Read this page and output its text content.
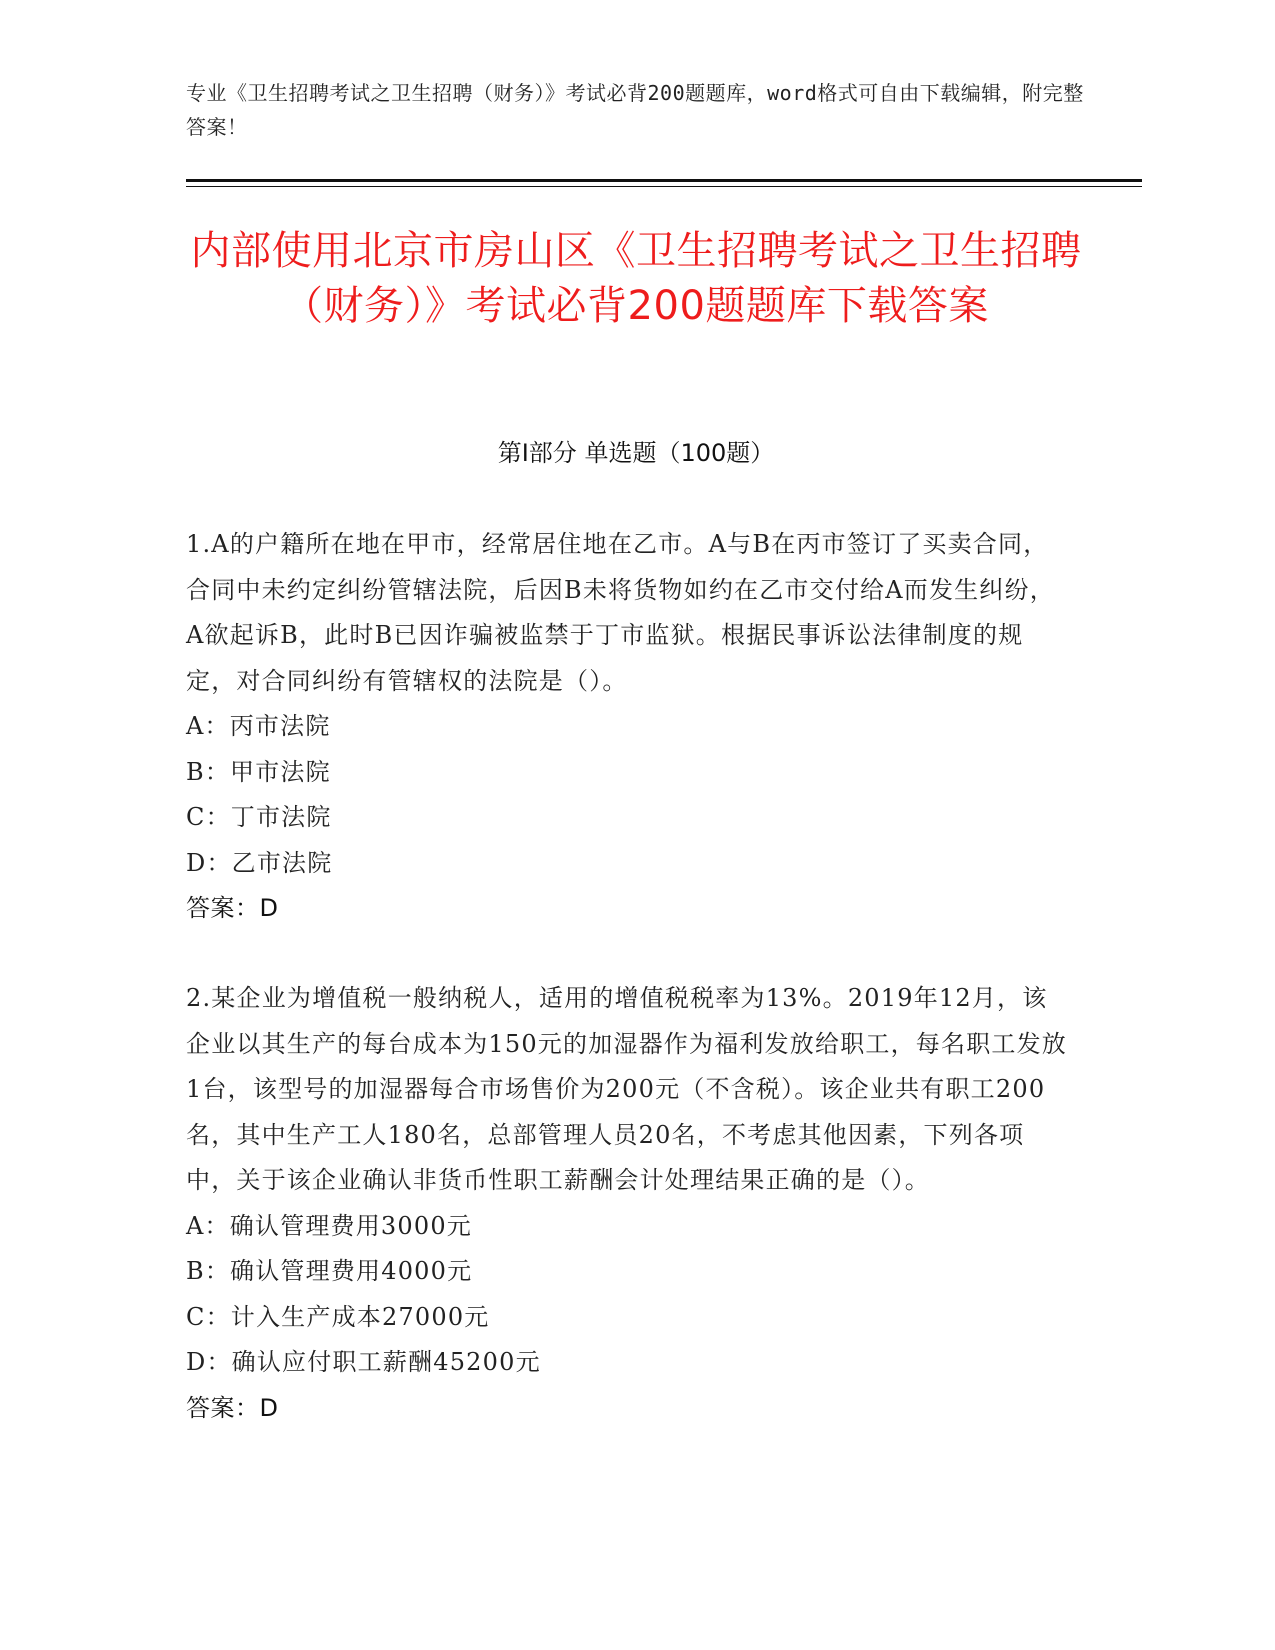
专业《卫生招聘考试之卫生招聘（财务）》考试必背200题题库，word格式可自由下载编辑，附完整答案！
内部使用北京市房山区《卫生招聘考试之卫生招聘（财务）》考试必背200题题库下载答案
第I部分 单选题（100题）

1.A的户籍所在地在甲市，经常居住地在乙市。A与B在丙市签订了买卖合同，合同中未约定纠纷管辖法院，后因B未将货物如约在乙市交付给A而发生纠纷，A欲起诉B，此时B已因诈骗被监禁于丁市监狱。根据民事诉讼法律制度的规定，对合同纠纷有管辖权的法院是（）。

A：丙市法院

B：甲市法院

C：丁市法院

D：乙市法院

答案：D

2.某企业为增值税一般纳税人，适用的增值税税率为13%。2019年12月，该企业以其生产的每台成本为150元的加湿器作为福利发放给职工，每名职工发放1台，该型号的加湿器每合市场售价为200元（不含税）。该企业共有职工200名，其中生产工人180名，总部管理人员20名，不考虑其他因素，下列各项中，关于该企业确认非货币性职工薪酬会计处理结果正确的是（）。

A：确认管理费用3000元

B：确认管理费用4000元

C：计入生产成本27000元

D：确认应付职工薪酬45200元

答案：D
